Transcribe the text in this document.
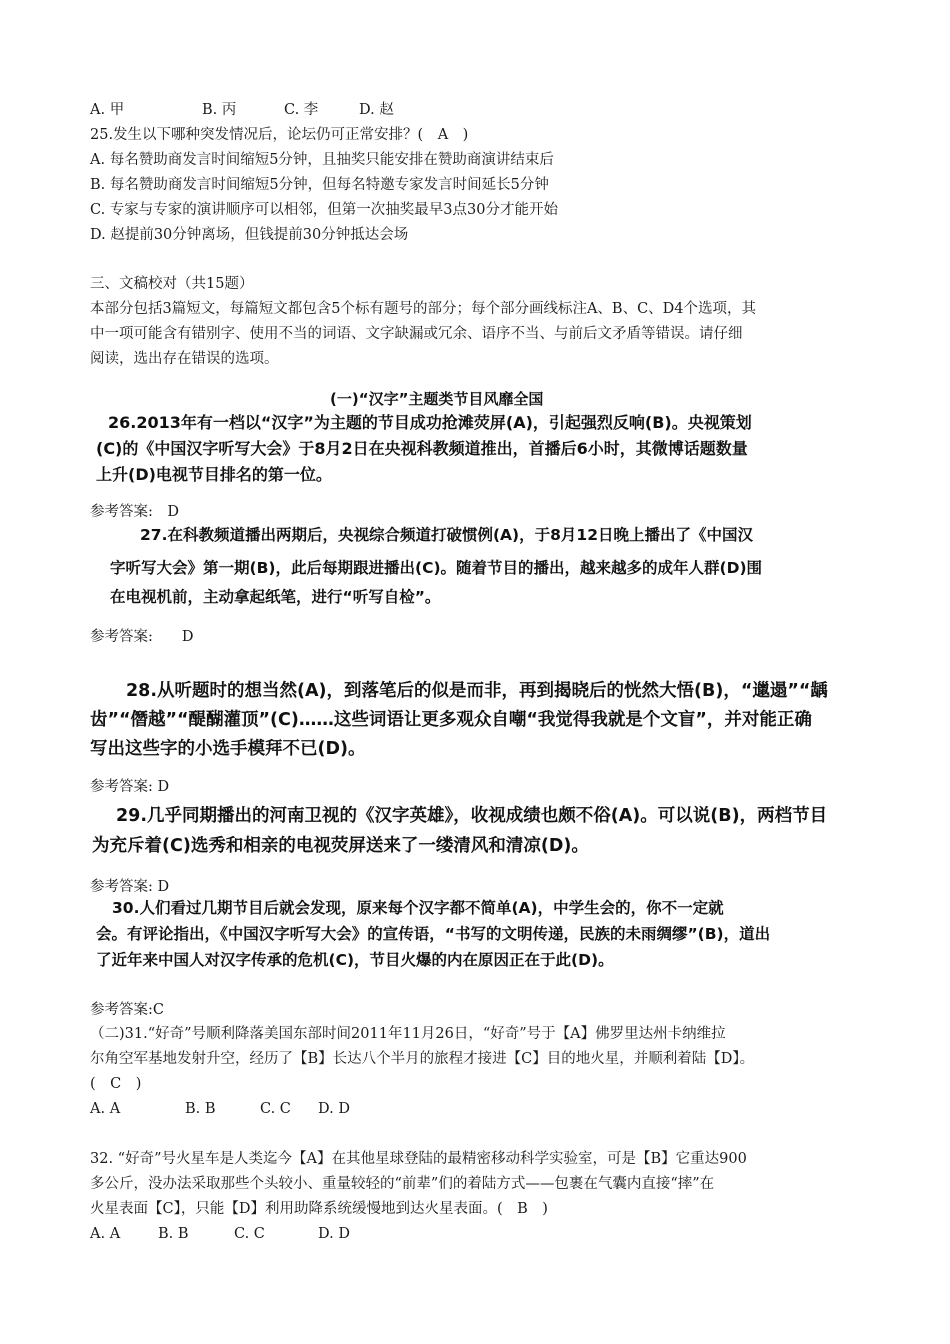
A. 甲	B. 丙	C. 李	D. 赵
25.发生以下哪种突发情况后，论坛仍可正常安排？(　A　)
A. 每名赞助商发言时间缩短5分钟，且抽奖只能安排在赞助商演讲结束后
B. 每名赞助商发言时间缩短5分钟，但每名特邀专家发言时间延长5分钟
C. 专家与专家的演讲顺序可以相邻，但第一次抽奖最早3点30分才能开始
D. 赵提前30分钟离场，但钱提前30分钟抵达会场
三、文稿校对（共15题）
本部分包括3篇短文，每篇短文都包含5个标有题号的部分；每个部分画线标注A、B、C、D4个选项，其
中一项可能含有错别字、使用不当的词语、文字缺漏或冗余、语序不当、与前后文矛盾等错误。请仔细
阅读，选出存在错误的选项。
(一)“汉字”主题类节目风靡全国
26.2013年有一档以“汉字”为主题的节目成功抢滩荧屏(A)，引起强烈反响(B)。央视策划
(C)的《中国汉字听写大会》于8月2日在央视科教频道推出，首播后6小时，其微博话题数量
上升(D)电视节目排名的第一位。
参考答案:　D
27.在科教频道播出两期后，央视综合频道打破惯例(A)，于8月12日晚上播出了《中国汉
字听写大会》第一期(B)，此后每期跟进播出(C)。随着节目的播出，越来越多的成年人群(D)围
在电视机前，主动拿起纸笔，进行“听写自检”。
参考答案:　　D
28.从听题时的想当然(A)，到落笔后的似是而非，再到揭晓后的恍然大悟(B)，“邋遢”“龋
齿”“僭越”“醍醐灌顶”(C)……这些词语让更多观众自嘲“我觉得我就是个文盲”，并对能正确
写出这些字的小选手模拜不已(D)。
参考答案: D
29.几乎同期播出的河南卫视的《汉字英雄》，收视成绩也颇不俗(A)。可以说(B)，两档节目
为充斥着(C)选秀和相亲的电视荧屏送来了一缕清风和清凉(D)。
参考答案: D
30.人们看过几期节目后就会发现，原来每个汉字都不简单(A)，中学生会的，你不一定就
会。有评论指出，《中国汉字听写大会》的宣传语，“书写的文明传递，民族的未雨绸缪”(B)，道出
了近年来中国人对汉字传承的危机(C)，节目火爆的内在原因正在于此(D)。
参考答案:C
（二)31.“好奇”号顺利降落美国东部时间2011年11月26日，“好奇”号于【A】佛罗里达州卡纳维拉
尔角空军基地发射升空，经历了【B】长达八个半月的旅程才接进【C】目的地火星，并顺利着陆【D】。
(　C　)
A. A	B. B	C. C D. D
32. “好奇”号火星车是人类迄今【A】在其他星球登陆的最精密移动科学实验室，可是【B】它重达900
多公斤，没办法采取那些个头较小、重量较轻的“前辈”们的着陆方式——包裹在气囊内直接“摔”在
火星表面【C】，只能【D】利用助降系统缓慢地到达火星表面。(　B　)
A. A	B. B	C. C	D. D
